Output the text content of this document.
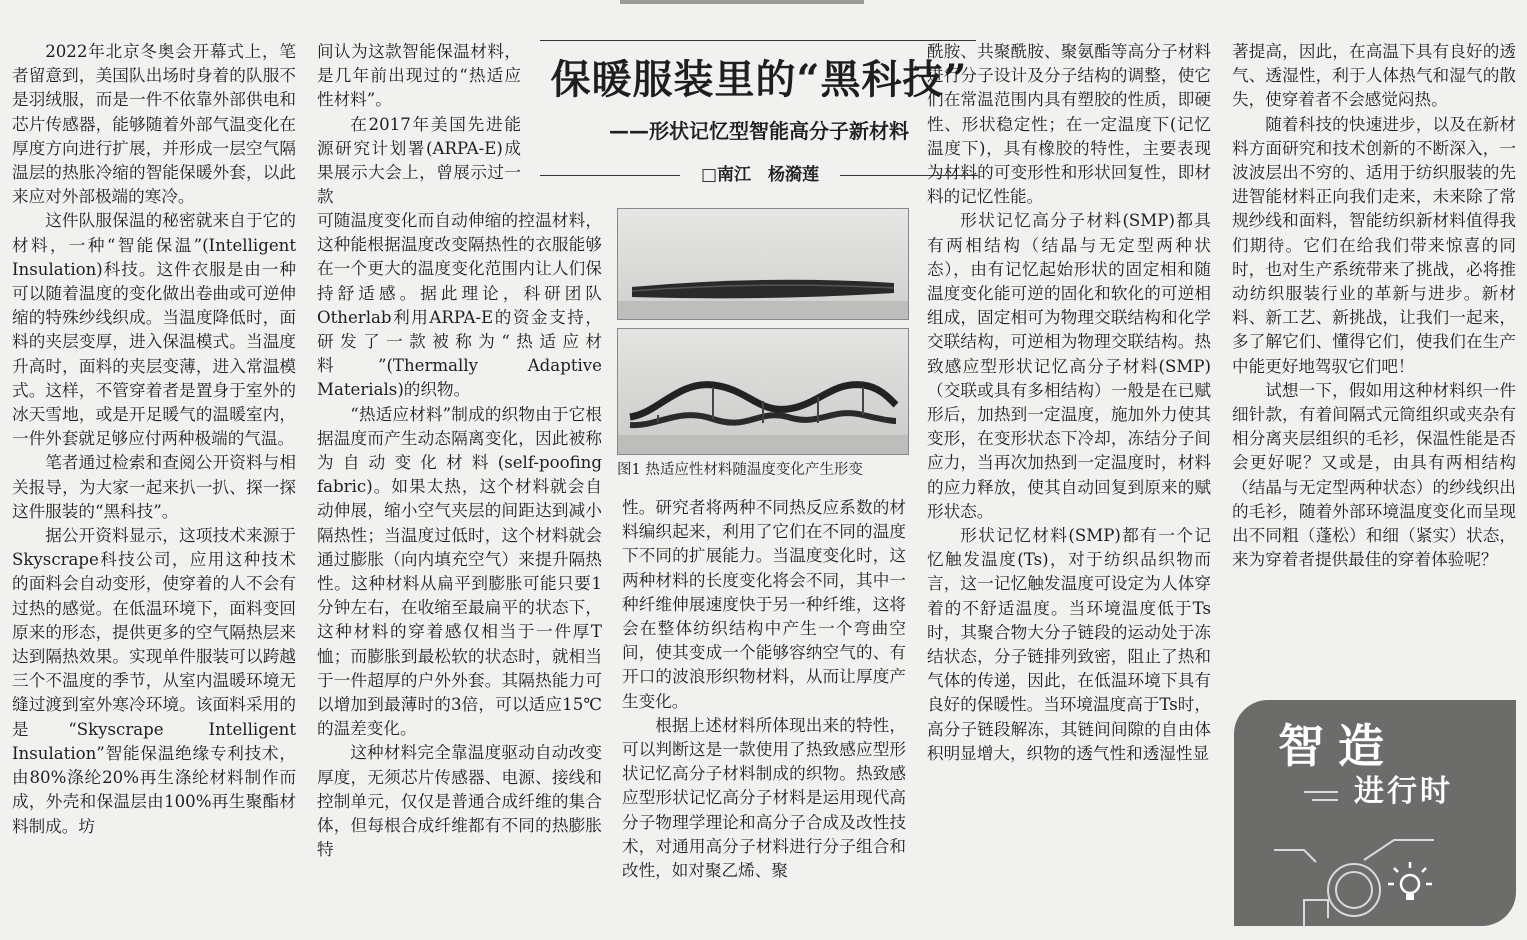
2022年北京冬奥会开幕式上，笔者留意到，美国队出场时身着的队服不是羽绒服，而是一件不依靠外部供电和芯片传感器，能够随着外部气温变化在厚度方向进行扩展，并形成一层空气隔温层的热胀冷缩的智能保暖外套，以此来应对外部极端的寒冷。

这件队服保温的秘密就来自于它的材料，一种“智能保温”(Intelligent Insulation)科技。这件衣服是由一种可以随着温度的变化做出卷曲或可逆伸缩的特殊纱线织成。当温度降低时，面料的夹层变厚，进入保温模式。当温度升高时，面料的夹层变薄，进入常温模式。这样，不管穿着者是置身于室外的冰天雪地，或是开足暖气的温暖室内，一件外套就足够应付两种极端的气温。

笔者通过检索和查阅公开资料与相关报导，为大家一起来扒一扒、探一探这件服装的“黑科技”。

据公开资料显示，这项技术来源于Skyscrape科技公司，应用这种技术的面料会自动变形，使穿着的人不会有过热的感觉。在低温环境下，面料变回原来的形态，提供更多的空气隔热层来达到隔热效果。实现单件服装可以跨越三个不温度的季节，从室内温暖环境无缝过渡到室外寒冷环境。该面料采用的是“Skyscrape Intelligent Insulation”智能保温绝缘专利技术，由80%涤纶20%再生涤纶材料制作而成，外壳和保温层由100%再生聚酯材料制成。坊

间认为这款智能保温材料，是几年前出现过的“热适应性材料”。

在2017年美国先进能源研究计划署(ARPA-E)成果展示大会上，曾展示过一款

保暖服装里的“黑科技”
——形状记忆型智能高分子新材料
□南江　杨漪莲

可随温度变化而自动伸缩的控温材料，这种能根据温度改变隔热性的衣服能够在一个更大的温度变化范围内让人们保持舒适感。据此理论，科研团队Otherlab利用ARPA-E的资金支持，研发了一款被称为“热适应材料”(Thermally Adaptive Materials)的织物。

“热适应材料”制成的织物由于它根据温度而产生动态隔离变化，因此被称为自动变化材料(self-poofing fabric)。如果太热，这个材料就会自动伸展，缩小空气夹层的间距达到减小隔热性；当温度过低时，这个材料就会通过膨胀（向内填充空气）来提升隔热性。这种材料从扁平到膨胀可能只要1分钟左右，在收缩至最扁平的状态下，这种材料的穿着感仅相当于一件厚T恤；而膨胀到最松软的状态时，就相当于一件超厚的户外外套。其隔热能力可以增加到最薄时的3倍，可以适应15℃的温差变化。

这种材料完全靠温度驱动自动改变厚度，无须芯片传感器、电源、接线和控制单元，仅仅是普通合成纤维的集合体，但每根合成纤维都有不同的热膨胀特

图1 热适应性材料随温度变化产生形变

性。研究者将两种不同热反应系数的材料编织起来，利用了它们在不同的温度下不同的扩展能力。当温度变化时，这两种材料的长度变化将会不同，其中一种纤维伸展速度快于另一种纤维，这将会在整体纺织结构中产生一个弯曲空间，使其变成一个能够容纳空气的、有开口的波浪形织物材料，从而让厚度产生变化。

根据上述材料所体现出来的特性，可以判断这是一款使用了热致感应型形状记忆高分子材料制成的织物。热致感应型形状记忆高分子材料是运用现代高分子物理学理论和高分子合成及改性技术，对通用高分子材料进行分子组合和改性，如对聚乙烯、聚

酰胺、共聚酰胺、聚氨酯等高分子材料进行分子设计及分子结构的调整，使它们在常温范围内具有塑胶的性质，即硬性、形状稳定性；在一定温度下(记忆温度下)，具有橡胶的特性，主要表现为材料的可变形性和形状回复性，即材料的记忆性能。

形状记忆高分子材料(SMP)都具有两相结构（结晶与无定型两种状态），由有记忆起始形状的固定相和随温度变化能可逆的固化和软化的可逆相组成，固定相可为物理交联结构和化学交联结构，可逆相为物理交联结构。热致感应型形状记忆高分子材料(SMP)（交联或具有多相结构）一般是在已赋形后，加热到一定温度，施加外力使其变形，在变形状态下冷却，冻结分子间应力，当再次加热到一定温度时，材料的应力释放，使其自动回复到原来的赋形状态。

形状记忆材料(SMP)都有一个记忆触发温度(Ts)，对于纺织品织物而言，这一记忆触发温度可设定为人体穿着的不舒适温度。当环境温度低于Ts时，其聚合物大分子链段的运动处于冻结状态，分子链排列致密，阻止了热和气体的传递，因此，在低温环境下具有良好的保暖性。当环境温度高于Ts时，高分子链段解冻，其链间间隙的自由体积明显增大，织物的透气性和透湿性显

著提高，因此，在高温下具有良好的透气、透湿性，利于人体热气和湿气的散失，使穿着者不会感觉闷热。

随着科技的快速进步，以及在新材料方面研究和技术创新的不断深入，一波波层出不穷的、适用于纺织服装的先进智能材料正向我们走来，未来除了常规纱线和面料，智能纺织新材料值得我们期待。它们在给我们带来惊喜的同时，也对生产系统带来了挑战，必将推动纺织服装行业的革新与进步。新材料、新工艺、新挑战，让我们一起来，多了解它们、懂得它们，使我们在生产中能更好地驾驭它们吧！

试想一下，假如用这种材料织一件细针款，有着间隔式元筒组织或夹杂有相分离夹层组织的毛衫，保温性能是否会更好呢？又或是，由具有两相结构（结晶与无定型两种状态）的纱线织出的毛衫，随着外部环境温度变化而呈现出不同粗（蓬松）和细（紧实）状态，来为穿着者提供最佳的穿着体验呢？

智造
进行时
